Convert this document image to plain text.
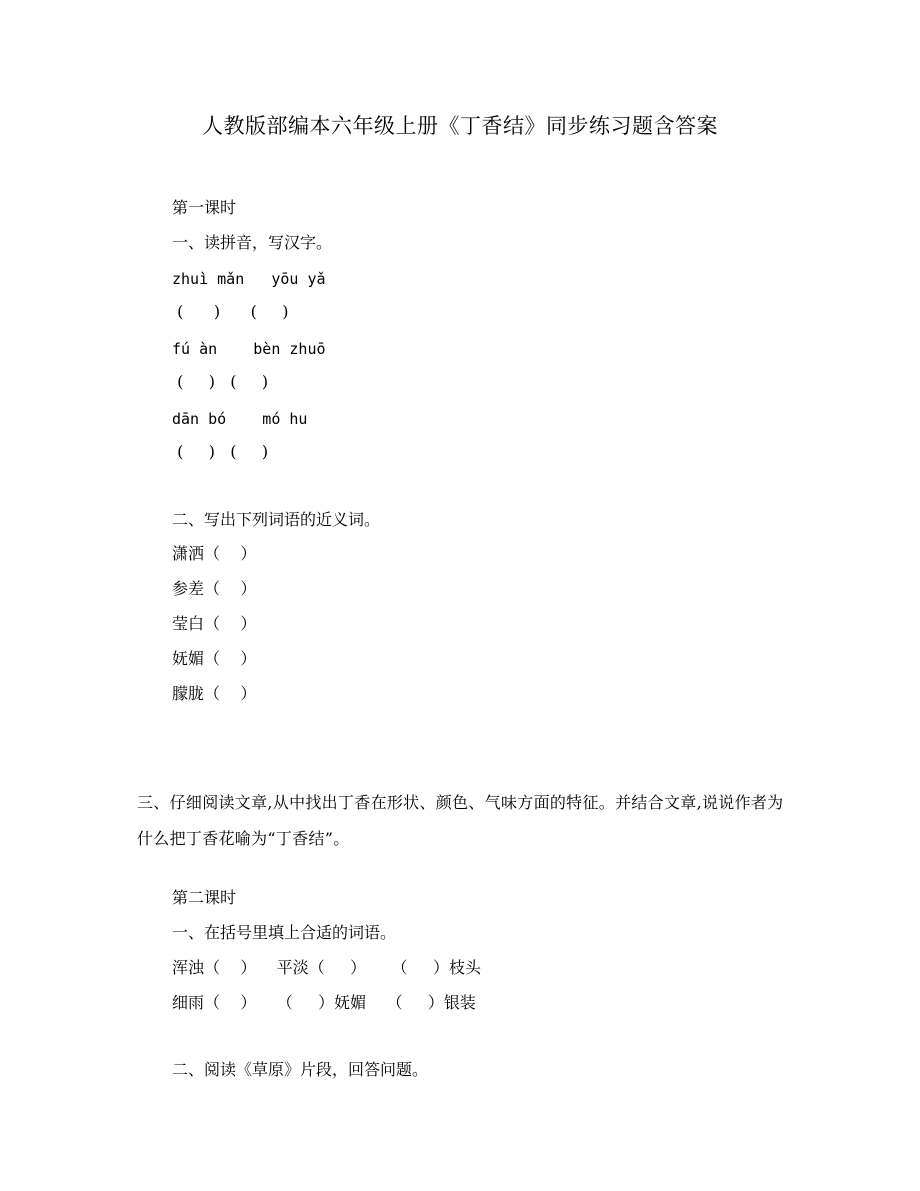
人教版部编本六年级上册《丁香结》同步练习题含答案
第一课时
一、读拼音，写汉字。
zhuì mǎn   yōu yǎ
(      )      (     )
fú àn    bèn zhuō
(     )   (     )
dān bó    mó hu
(     )   (     )
二、写出下列词语的近义词。
潇洒（    ）
参差（    ）
莹白（    ）
妩媚（    ）
朦胧（    ）
三、仔细阅读文章,从中找出丁香在形状、颜色、气味方面的特征。并结合文章,说说作者为什么把丁香花喻为“丁香结”。
第二课时
一、在括号里填上合适的词语。
浑浊（    ）    平淡（     ）     （     ）枝头
细雨（    ）    （     ）妩媚    （     ）银装
二、阅读《草原》片段，回答问题。
